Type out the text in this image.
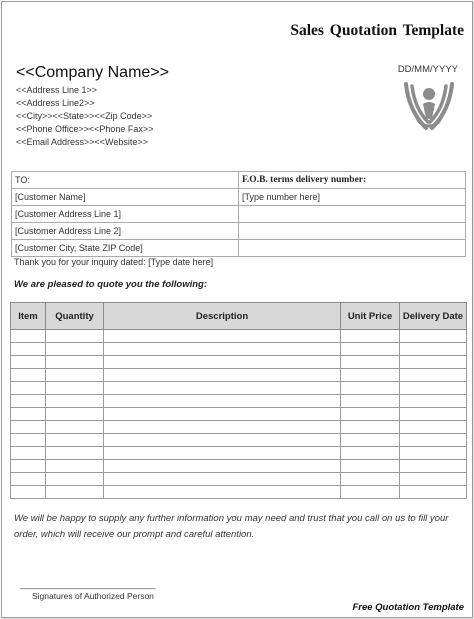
Sales Quotation Template
<<Company Name>>
<<Address Line 1>>
<<Address Line2>>
<<City>><<State>><<Zip Code>>
<<Phone Office>><<Phone Fax>>
<<Email Address>><<Website>>
DD/MM/YYYY
TO:	F.O.B. terms delivery number:
[Customer Name]	[Type number here]
[Customer Address Line 1]	
[Customer Address Line 2]	
[Customer City, State ZIP Code]	
Thank you for your inquiry dated: [Type date here]
We are pleased to quote you the following:
Item	Quantity	Description	Unit Price	Delivery Date

We will be happy to supply any further information you may need and trust that you call on us to fill your order, which will receive our prompt and careful attention.
______________________________
Signatures of Authorized Person
Free Quotation Template
